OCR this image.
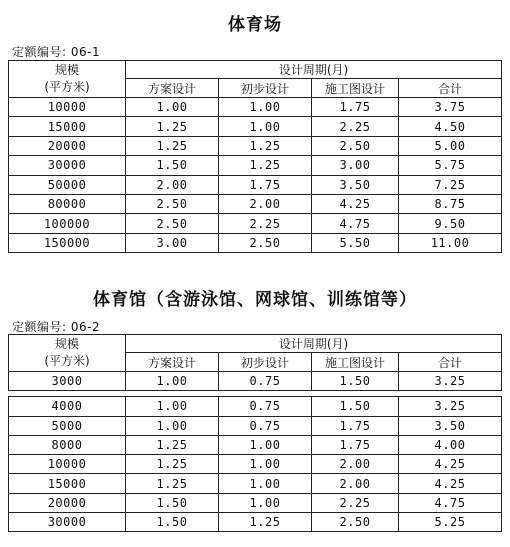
体育场
定额编号: 06-1
规模
(平方米)	设计周期(月)			
	方案设计	初步设计	施工图设计	合计
10000	1.00	1.00	1.75	3.75
15000	1.25	1.00	2.25	4.50
20000	1.25	1.25	2.50	5.00
30000	1.50	1.25	3.00	5.75
50000	2.00	1.75	3.50	7.25
80000	2.50	2.00	4.25	8.75
100000	2.50	2.25	4.75	9.50
150000	3.00	2.50	5.50	11.00
体育馆（含游泳馆、网球馆、训练馆等）
定额编号: 06-2
规模
(平方米)	设计周期(月)			
	方案设计	初步设计	施工图设计	合计
3000	1.00	0.75	1.50	3.25

4000	1.00	0.75	1.50	3.25
5000	1.00	0.75	1.75	3.50
8000	1.25	1.00	1.75	4.00
10000	1.25	1.00	2.00	4.25
15000	1.25	1.00	2.00	4.25
20000	1.50	1.00	2.25	4.75
30000	1.50	1.25	2.50	5.25
